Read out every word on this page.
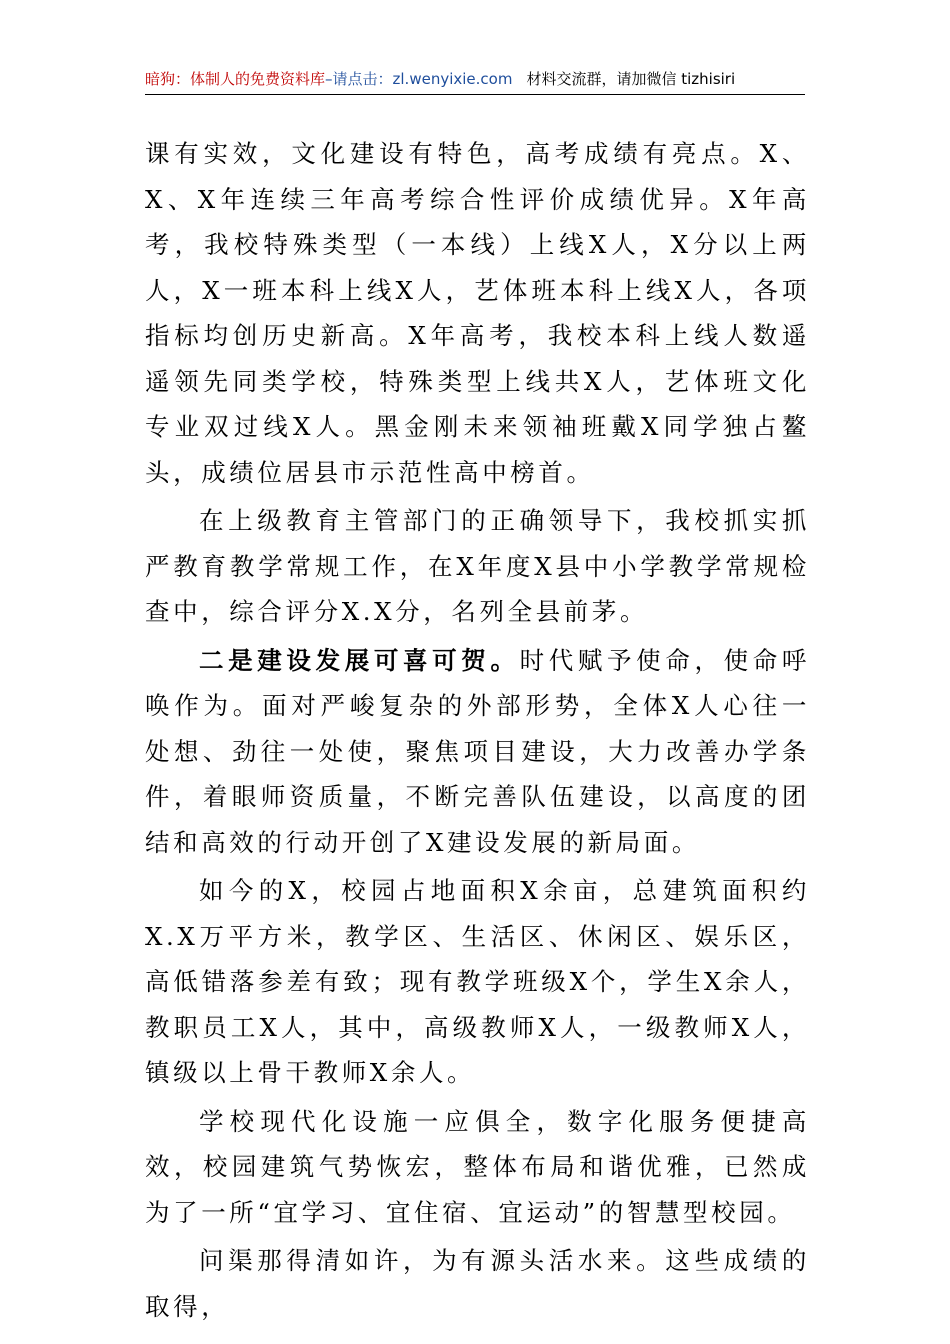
暗狗：体制人的免费资料库–请点击：zl.wenyixie.com 材料交流群，请加微信 tizhisiri

课有实效，文化建设有特色，高考成绩有亮点。X、X、X年连续三年高考综合性评价成绩优异。X年高考，我校特殊类型（一本线）上线X人，X分以上两人，X一班本科上线X人，艺体班本科上线X人，各项指标均创历史新高。X年高考，我校本科上线人数遥遥领先同类学校，特殊类型上线共X人，艺体班文化专业双过线X人。黑金刚未来领袖班戴X同学独占鳌头，成绩位居县市示范性高中榜首。

在上级教育主管部门的正确领导下，我校抓实抓严教育教学常规工作，在X年度X县中小学教学常规检查中，综合评分X.X分，名列全县前茅。

二是建设发展可喜可贺。时代赋予使命，使命呼唤作为。面对严峻复杂的外部形势，全体X人心往一处想、劲往一处使，聚焦项目建设，大力改善办学条件，着眼师资质量，不断完善队伍建设，以高度的团结和高效的行动开创了X建设发展的新局面。

如今的X，校园占地面积X余亩，总建筑面积约X.X万平方米，教学区、生活区、休闲区、娱乐区，高低错落参差有致；现有教学班级X个，学生X余人，教职员工X人，其中，高级教师X人，一级教师X人，镇级以上骨干教师X余人。

学校现代化设施一应俱全，数字化服务便捷高效，校园建筑气势恢宏，整体布局和谐优雅，已然成为了一所“宜学习、宜住宿、宜运动”的智慧型校园。

问渠那得清如许，为有源头活水来。这些成绩的取得，
